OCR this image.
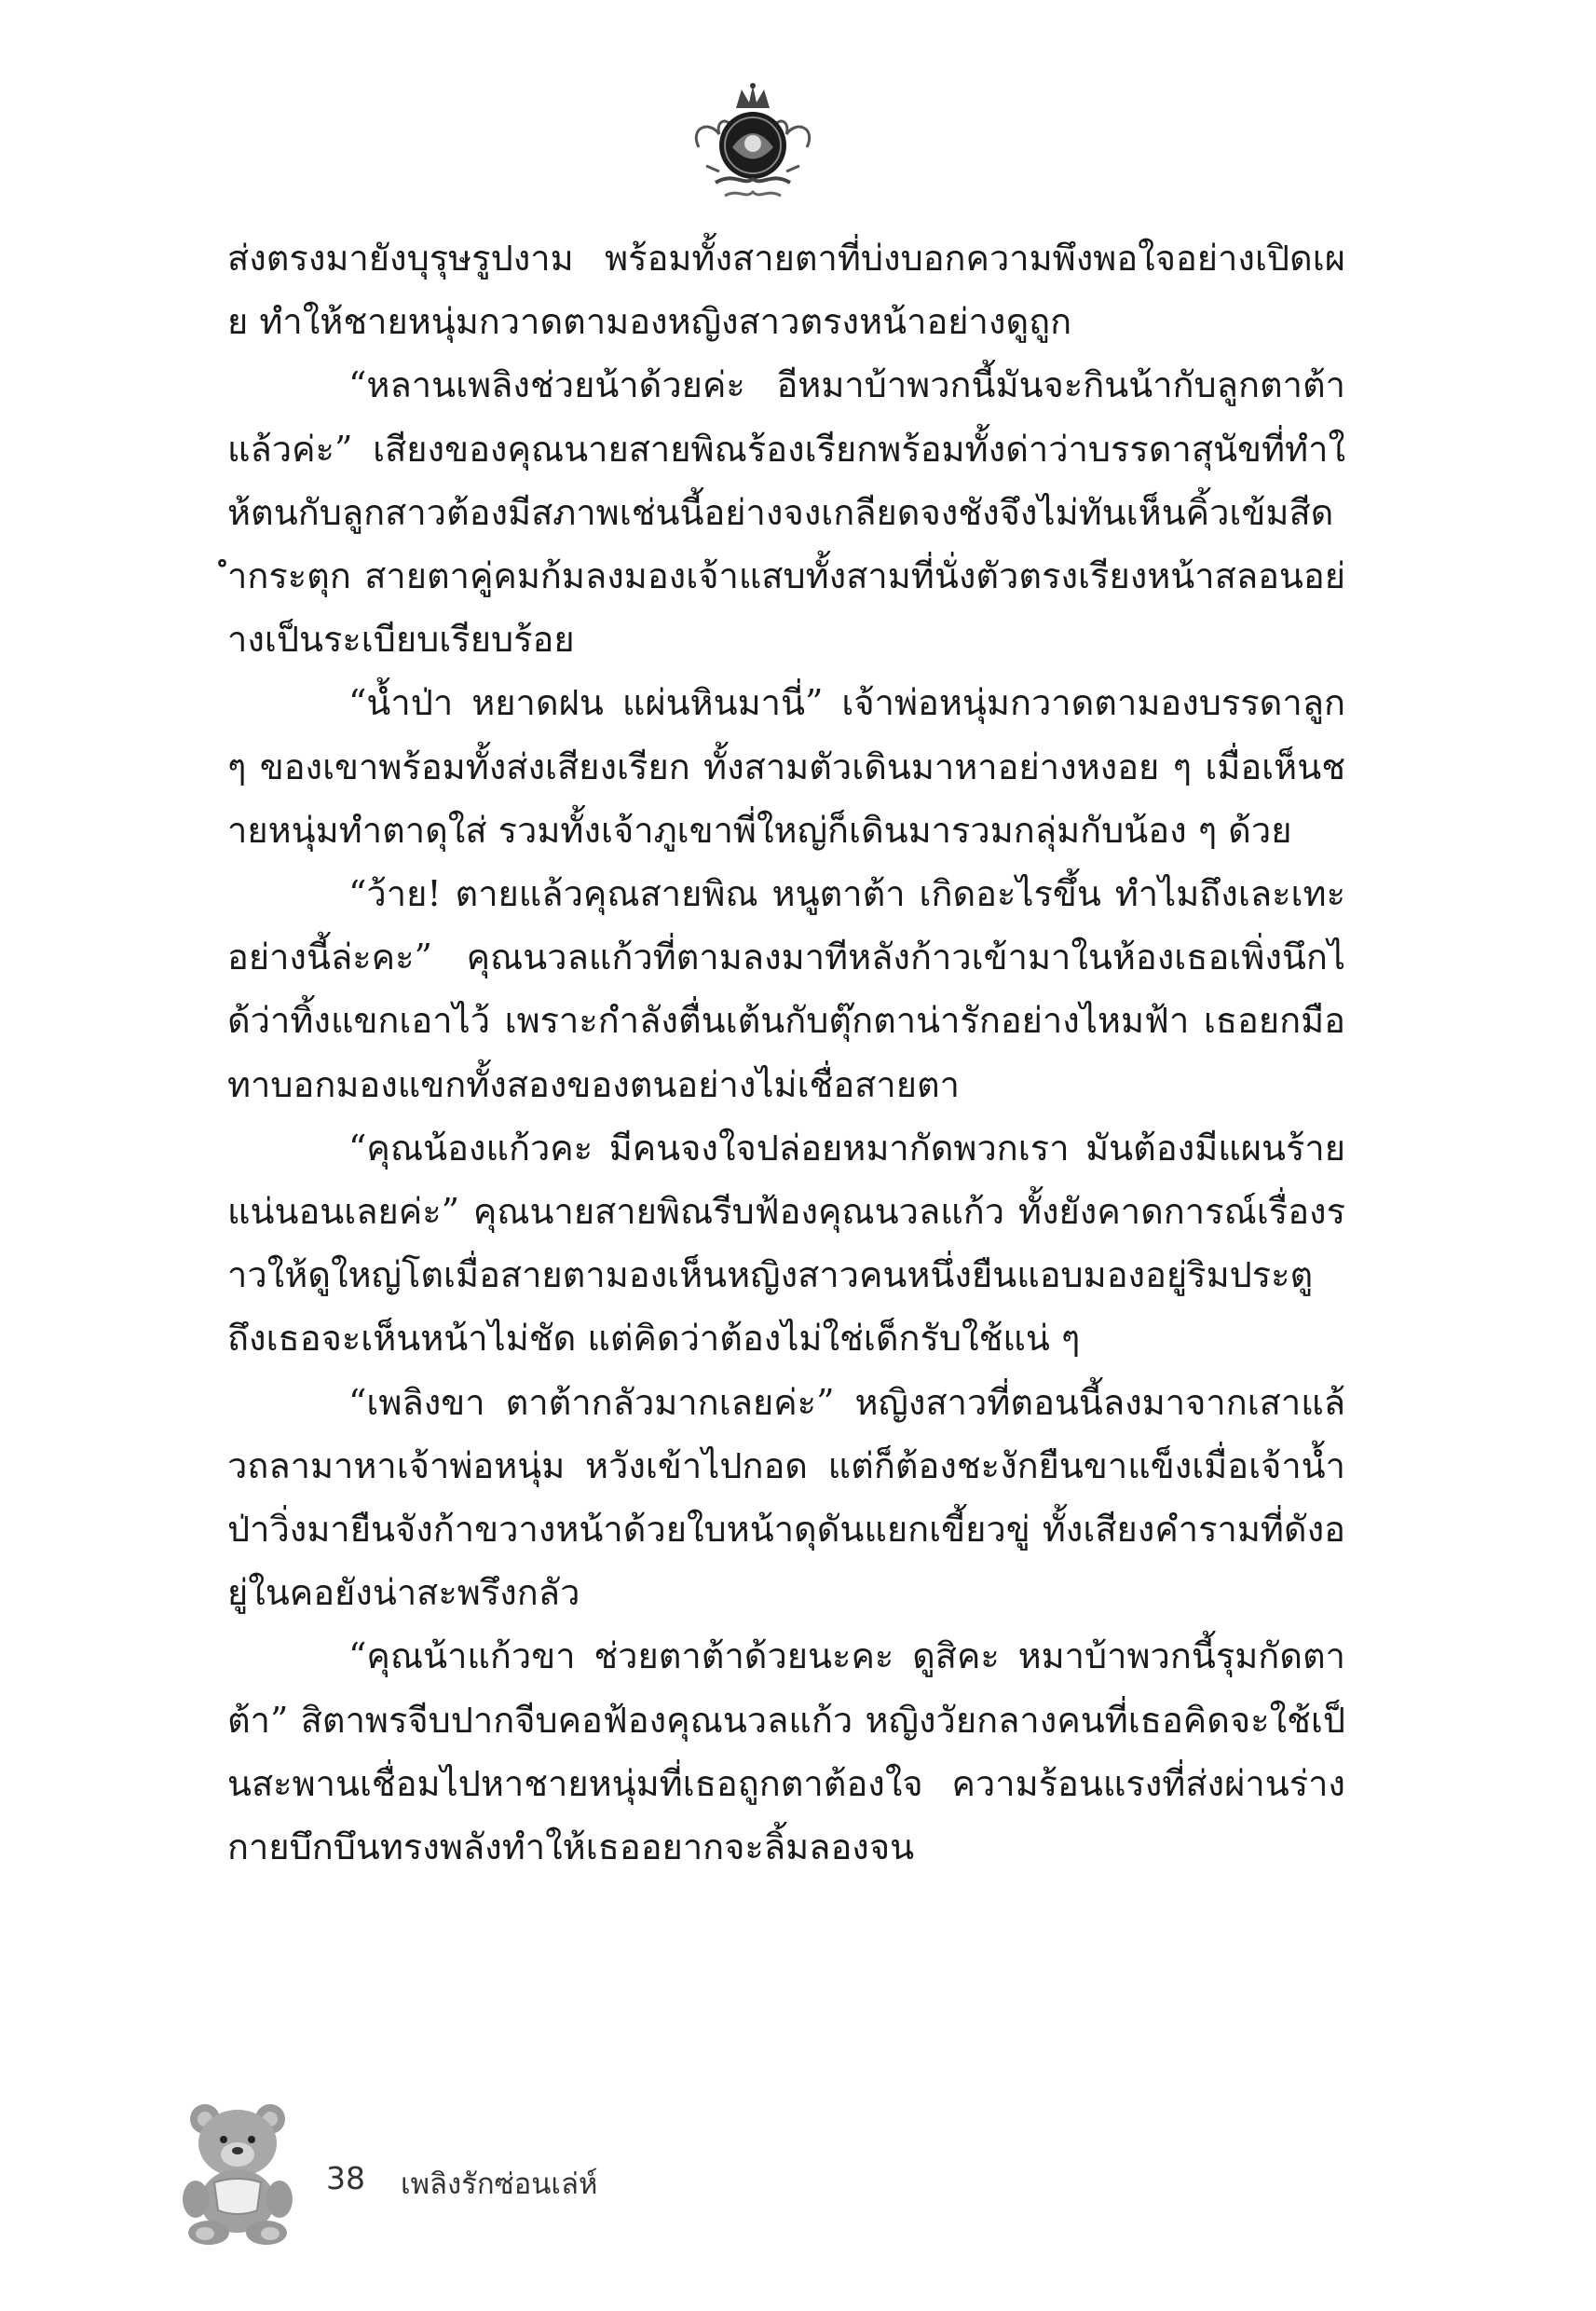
ส่งตรงมายังบุรุษรูปงาม พร้อมทั้งสายตาที่บ่งบอกความพึงพอใจอย่างเปิดเผย ทำให้ชายหนุ่มกวาดตามองหญิงสาวตรงหน้าอย่างดูถูก

“หลานเพลิงช่วยน้าด้วยค่ะ อีหมาบ้าพวกนี้มันจะกินน้ากับลูกตาต้าแล้วค่ะ” เสียงของคุณนายสายพิณร้องเรียกพร้อมทั้งด่าว่าบรรดาสุนัขที่ทำให้ตนกับลูกสาวต้องมีสภาพเช่นนี้อย่างจงเกลียดจงชังจึงไม่ทันเห็นคิ้วเข้มสีดำกระตุก สายตาคู่คมก้มลงมองเจ้าแสบทั้งสามที่นั่งตัวตรงเรียงหน้าสลอนอย่างเป็นระเบียบเรียบร้อย

“น้ำป่า หยาดฝน แผ่นหินมานี่” เจ้าพ่อหนุ่มกวาดตามองบรรดาลูก ๆ ของเขาพร้อมทั้งส่งเสียงเรียก ทั้งสามตัวเดินมาหาอย่างหงอย ๆ เมื่อเห็นชายหนุ่มทำตาดุใส่ รวมทั้งเจ้าภูเขาพี่ใหญ่ก็เดินมารวมกลุ่มกับน้อง ๆ ด้วย

“ว้าย! ตายแล้วคุณสายพิณ หนูตาต้า เกิดอะไรขึ้น ทำไมถึงเละเทะอย่างนี้ล่ะคะ” คุณนวลแก้วที่ตามลงมาทีหลังก้าวเข้ามาในห้องเธอเพิ่งนึกได้ว่าทิ้งแขกเอาไว้ เพราะกำลังตื่นเต้นกับตุ๊กตาน่ารักอย่างไหมฟ้า เธอยกมือทาบอกมองแขกทั้งสองของตนอย่างไม่เชื่อสายตา

“คุณน้องแก้วคะ มีคนจงใจปล่อยหมากัดพวกเรา มันต้องมีแผนร้ายแน่นอนเลยค่ะ” คุณนายสายพิณรีบฟ้องคุณนวลแก้ว ทั้งยังคาดการณ์เรื่องราวให้ดูใหญ่โตเมื่อสายตามองเห็นหญิงสาวคนหนึ่งยืนแอบมองอยู่ริมประตู ถึงเธอจะเห็นหน้าไม่ชัด แต่คิดว่าต้องไม่ใช่เด็กรับใช้แน่ ๆ

“เพลิงขา ตาต้ากลัวมากเลยค่ะ” หญิงสาวที่ตอนนี้ลงมาจากเสาแล้วถลามาหาเจ้าพ่อหนุ่ม หวังเข้าไปกอด แต่ก็ต้องชะงักยืนขาแข็งเมื่อเจ้าน้ำป่าวิ่งมายืนจังก้าขวางหน้าด้วยใบหน้าดุดันแยกเขี้ยวขู่ ทั้งเสียงคำรามที่ดังอยู่ในคอยังน่าสะพรึงกลัว

“คุณน้าแก้วขา ช่วยตาต้าด้วยนะคะ ดูสิคะ หมาบ้าพวกนี้รุมกัดตาต้า” สิตาพรจีบปากจีบคอฟ้องคุณนวลแก้ว หญิงวัยกลางคนที่เธอคิดจะใช้เป็นสะพานเชื่อมไปหาชายหนุ่มที่เธอถูกตาต้องใจ ความร้อนแรงที่ส่งผ่านร่างกายบึกบึนทรงพลังทำให้เธออยากจะลิ้มลองจน

38 เพลิงรักซ่อนเล่ห์
